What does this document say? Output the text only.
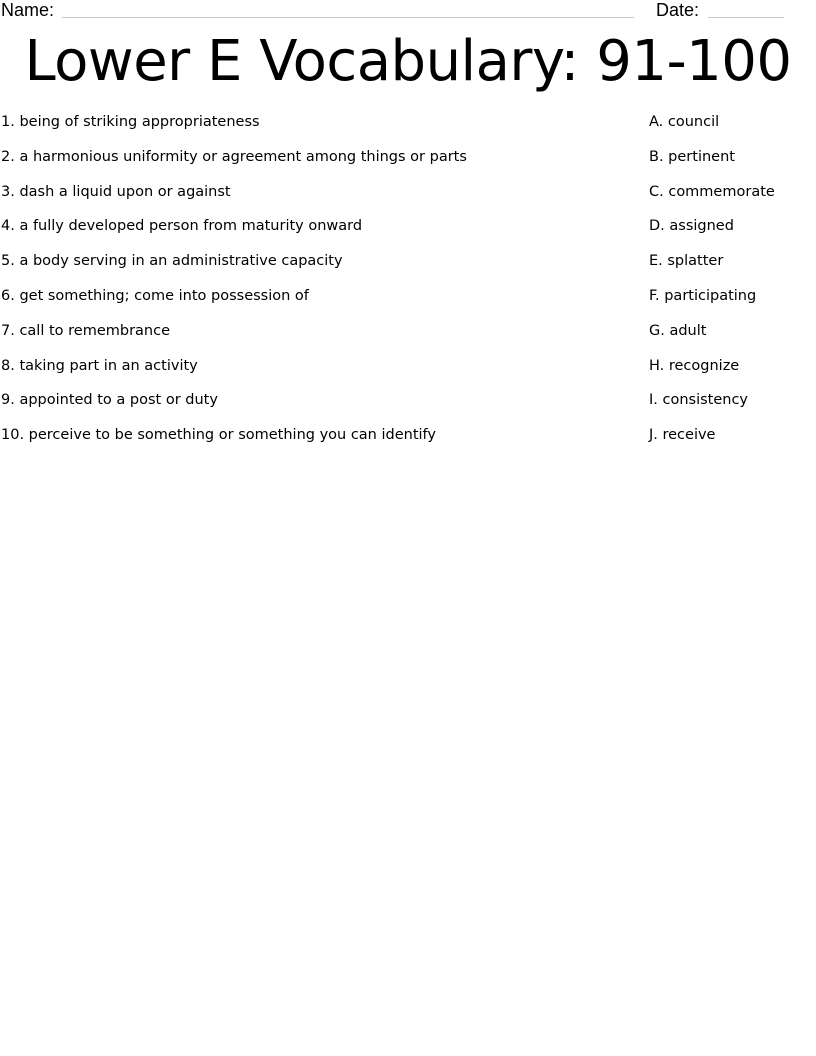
Name:	Date:
Lower E Vocabulary: 91-100
1. being of striking appropriateness
2. a harmonious uniformity or agreement among things or parts
3. dash a liquid upon or against
4. a fully developed person from maturity onward
5. a body serving in an administrative capacity
6. get something; come into possession of
7. call to remembrance
8. taking part in an activity
9. appointed to a post or duty
10. perceive to be something or something you can identify
A. council
B. pertinent
C. commemorate
D. assigned
E. splatter
F. participating
G. adult
H. recognize
I. consistency
J. receive
